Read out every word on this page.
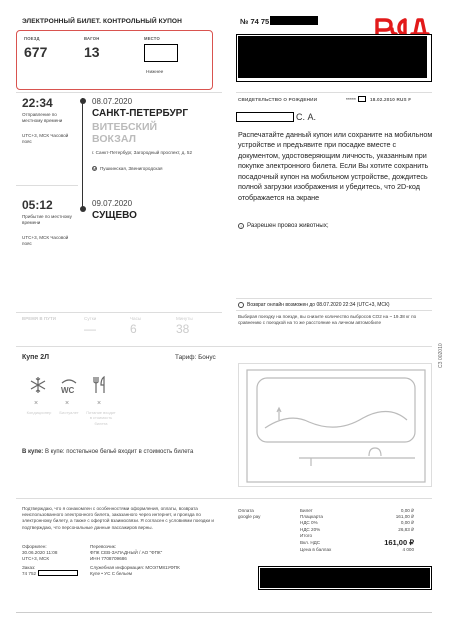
ЭЛЕКТРОННЫЙ БИЛЕТ. КОНТРОЛЬНЫЙ КУПОН	№ 74 75
ПОЕЗД
677
ВАГОН
13
МЕСТО
Нижнее
22:34
Отправление по местному времени
UTC+3, МСК Часовой пояс
08.07.2020
САНКТ-ПЕТЕРБУРГ
ВИТЕБСКИЙ ВОКЗАЛ
г. Санкт-Петербург, Загородный проспект, д. 52
M Пушкинская, Звенигородская
05:12
Прибытие по местному времени
UTC+3, МСК Часовой пояс
09.07.2020
СУЩЕВО
ВРЕМЯ В ПУТИ	Сутки
—
Часы
6
Минуты
38
СВИДЕТЕЛЬСТВО О РОЖДЕНИИ	*****	18.02.2010 RUS F
С. А.
Распечатайте данный купон или сохраните на мобильном устройстве и предъявите при посадке вместе с документом, удостоверяющим личность, указанным при покупке электронного билета. Если Вы хотите сохранить посадочный купон на мобильном устройстве, дождитесь полной загрузки изображения и убедитесь, что 2D-код отображается на экране
! Разрешен провоз животных;
Возврат онлайн возможен до 08.07.2020 22:34 (UTC+3, МСК)
Выбирая поездку на поезде, вы снизите количество выбросов CO2 на ~ 19.38 кг по сравнению с поездкой на то же расстояние на личном автомобиле
СЗ 002010
Купе 2Л	Тариф: Бонус
WC
×	×	×
Кондиционер	Биотуалет	Питание входит в стоимость билета
В купе: В купе: постельное бельё входит в стоимость билета
Подтверждаю, что я ознакомлен с особенностями оформления, оплаты, возврата неиспользованного электронного билета, заказанного через интернет, и проезда по электронному билету, а также с офертой взаимосвязи. Я согласен с условиями поездки и подтверждаю, что персональные данные пассажиров верны.
Оформлен:
30.06.2020 11:08
UTC+3, МСК
Заказ:
74 752
Перевозчик:
ФПК СЕВ-ЗАПАДНЫЙ / АО "ФПК"
ИНН 7708709686
Служебная информация: МОЭ7М81УФПК
Купе • УС С бельем
Оплата
google pay
Билет	0,00 ₽
Плацкарта	161,00 ₽
НДС 0%	0,00 ₽
НДС 20%	26,83 ₽
Итого
Вкл. НДС	161,00 ₽
Цена в баллах	4 000
